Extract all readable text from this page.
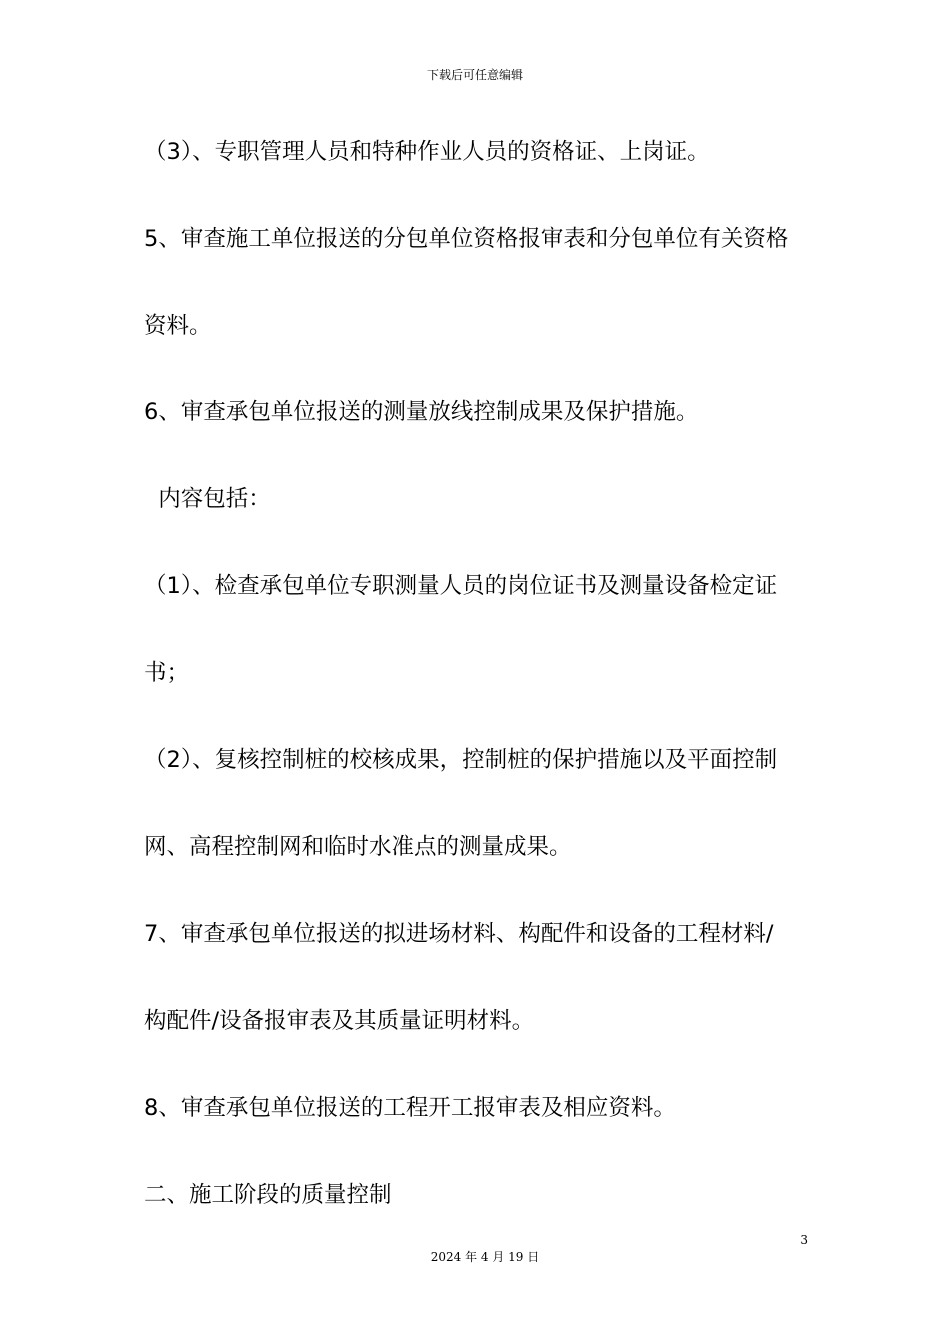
下载后可任意编辑
（3）、专职管理人员和特种作业人员的资格证、上岗证。
5、审查施工单位报送的分包单位资格报审表和分包单位有关资格
资料。
6、审查承包单位报送的测量放线控制成果及保护措施。
内容包括：
（1）、检查承包单位专职测量人员的岗位证书及测量设备检定证
书；
（2）、复核控制桩的校核成果，控制桩的保护措施以及平面控制
网、高程控制网和临时水准点的测量成果。
7、审查承包单位报送的拟进场材料、构配件和设备的工程材料/
构配件/设备报审表及其质量证明材料。
8、审查承包单位报送的工程开工报审表及相应资料。
二、施工阶段的质量控制
3
2024 年 4 月 19 日
